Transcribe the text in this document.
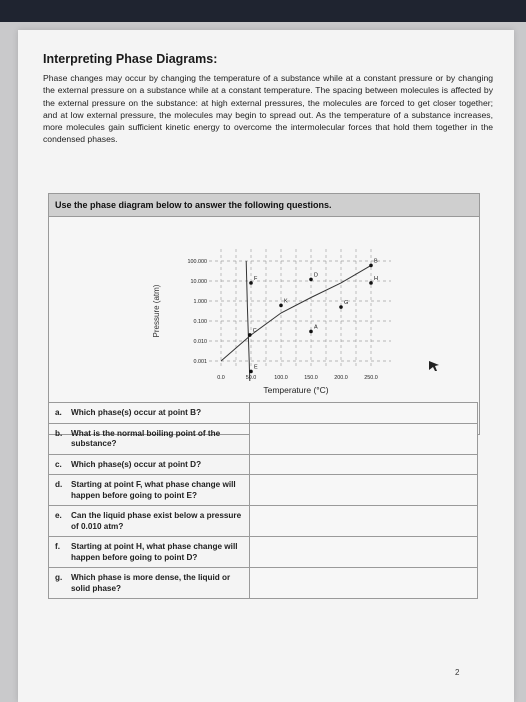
Interpreting Phase Diagrams:
Phase changes may occur by changing the temperature of a substance while at a constant pressure or by changing the external pressure on a substance while at a constant temperature. The spacing between molecules is affected by the external pressure on the substance: at high external pressures, the molecules are forced to get closer together; and at low external pressure, the molecules may begin to spread out. As the temperature of a substance increases, more molecules gain sufficient kinetic energy to overcome the intermolecular forces that hold them together in the condensed phases.
Use the phase diagram below to answer the following questions.
100.000
10.000
1.000
0.100
0.010
0.001
0.0	50.0	100.0	150.0	200.0	250.0
Temperature (°C)
Pressure (atm)	A
B
C
D
E
F
G
H
K
a. Which phase(s) occur at point B?	

b. What is the normal boiling point of the substance?	

c. Which phase(s) occur at point D?	

d. Starting at point F, what phase change will happen before going to point E?	

e. Can the liquid phase exist below a pressure of 0.010 atm?	

f. Starting at point H, what phase change will happen before going to point D?	

g. Which phase is more dense, the liquid or solid phase?	

2
